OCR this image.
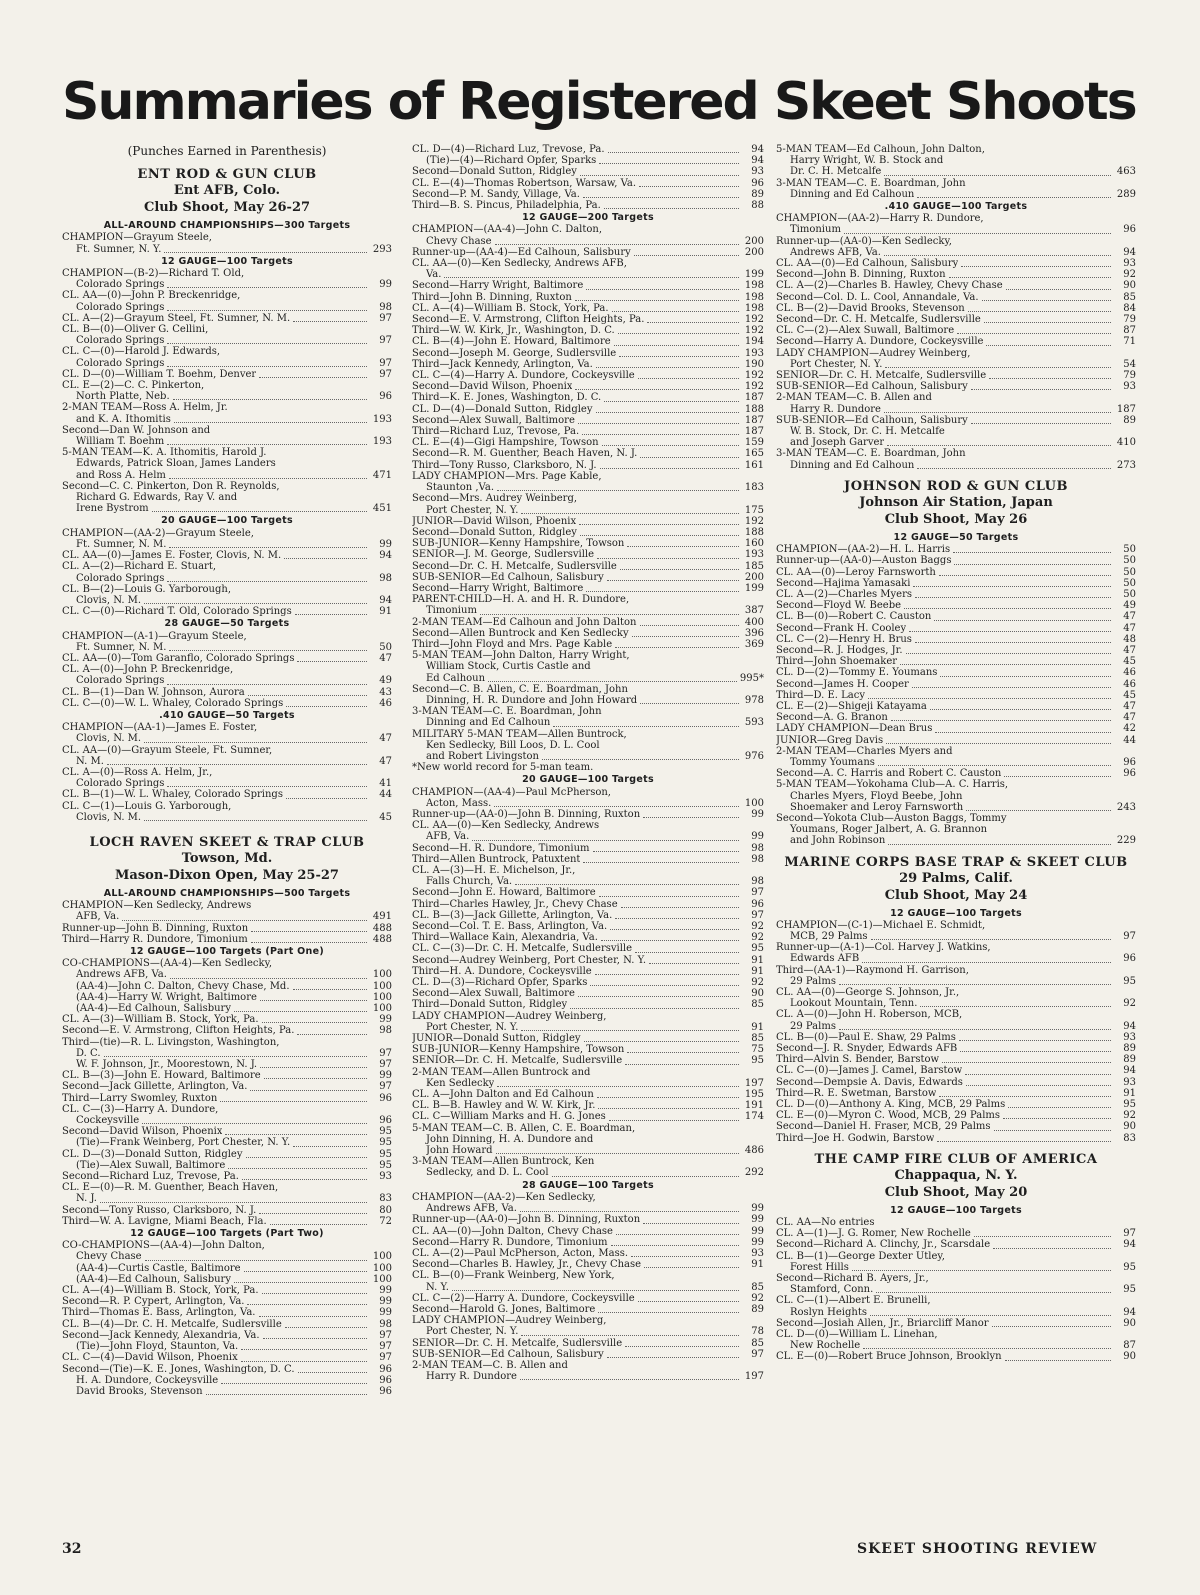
Summaries of Registered Skeet Shoots
(Punches Earned in Parenthesis)
ENT ROD & GUN CLUB
Ent AFB, Colo.
Club Shoot, May 26-27
ALL-AROUND CHAMPIONSHIPS—300 Targets
CHAMPION—Grayum Steele,
Ft. Sumner, N. Y.	293
12 GAUGE—100 Targets
CHAMPION—(B-2)—Richard T. Old,
Colorado Springs	99
CL. AA—(0)—John P. Breckenridge,
Colorado Springs	98
CL. A—(2)—Grayum Steel, Ft. Sumner, N. M.	97
CL. B—(0)—Oliver G. Cellini,
Colorado Springs	97
CL. C—(0)—Harold J. Edwards,
Colorado Springs	97
CL. D—(0)—William T. Boehm, Denver	97
CL. E—(2)—C. C. Pinkerton,
North Platte, Neb.	96
2-MAN TEAM—Ross A. Helm, Jr.
and K. A. Ithomitis	193
Second—Dan W. Johnson and
William T. Boehm	193
5-MAN TEAM—K. A. Ithomitis, Harold J.
Edwards, Patrick Sloan, James Landers
and Ross A. Helm	471
Second—C. C. Pinkerton, Don R. Reynolds,
Richard G. Edwards, Ray V. and
Irene Bystrom	451
20 GAUGE—100 Targets
CHAMPION—(AA-2)—Grayum Steele,
Ft. Sumner, N. M.	99
CL. AA—(0)—James E. Foster, Clovis, N. M.	94
CL. A—(2)—Richard E. Stuart,
Colorado Springs	98
CL. B—(2)—Louis G. Yarborough,
Clovis, N. M.	94
CL. C—(0)—Richard T. Old, Colorado Springs	91
28 GAUGE—50 Targets
CHAMPION—(A-1)—Grayum Steele,
Ft. Sumner, N. M.	50
CL. AA—(0)—Tom Garanflo, Colorado Springs	47
CL. A—(0)—John P. Breckenridge,
Colorado Springs	49
CL. B—(1)—Dan W. Johnson, Aurora	43
CL. C—(0)—W. L. Whaley, Colorado Springs	46
.410 GAUGE—50 Targets
CHAMPION—(AA-1)—James E. Foster,
Clovis, N. M.	47
CL. AA—(0)—Grayum Steele, Ft. Sumner,
N. M.	47
CL. A—(0)—Ross A. Helm, Jr.,
Colorado Springs	41
CL. B—(1)—W. L. Whaley, Colorado Springs	44
CL. C—(1)—Louis G. Yarborough,
Clovis, N. M.	45
LOCH RAVEN SKEET & TRAP CLUB
Towson, Md.
Mason-Dixon Open, May 25-27
ALL-AROUND CHAMPIONSHIPS—500 Targets
CHAMPION—Ken Sedlecky, Andrews
AFB, Va.	491
Runner-up—John B. Dinning, Ruxton	488
Third—Harry R. Dundore, Timonium	488
12 GAUGE—100 Targets (Part One)
CO-CHAMPIONS—(AA-4)—Ken Sedlecky,
Andrews AFB, Va.	100
(AA-4)—John C. Dalton, Chevy Chase, Md.	100
(AA-4)—Harry W. Wright, Baltimore	100
(AA-4)—Ed Calhoun, Salisbury	100
CL. A—(3)—William B. Stock, York, Pa.	99
Second—E. V. Armstrong, Clifton Heights, Pa.	98
Third—(tie)—R. L. Livingston, Washington,
D. C.	97
W. F. Johnson, Jr., Moorestown, N. J.	97
CL. B—(3)—John E. Howard, Baltimore	99
Second—Jack Gillette, Arlington, Va.	97
Third—Larry Swomley, Ruxton	96
CL. C—(3)—Harry A. Dundore,
Cockeysville	96
Second—David Wilson, Phoenix	95
(Tie)—Frank Weinberg, Port Chester, N. Y.	95
CL. D—(3)—Donald Sutton, Ridgley	95
(Tie)—Alex Suwall, Baltimore	95
Second—Richard Luz, Trevose, Pa.	93
CL. E—(0)—R. M. Guenther, Beach Haven,
N. J.	83
Second—Tony Russo, Clarksboro, N. J.	80
Third—W. A. Lavigne, Miami Beach, Fla.	72
12 GAUGE—100 Targets (Part Two)
CO-CHAMPIONS—(AA-4)—John Dalton,
Chevy Chase	100
(AA-4)—Curtis Castle, Baltimore	100
(AA-4)—Ed Calhoun, Salisbury	100
CL. A—(4)—William B. Stock, York, Pa.	99
Second—R. P. Cypert, Arlington, Va.	99
Third—Thomas E. Bass, Arlington, Va.	99
CL. B—(4)—Dr. C. H. Metcalfe, Sudlersville	98
Second—Jack Kennedy, Alexandria, Va.	97
(Tie)—John Floyd, Staunton, Va.	97
CL. C—(4)—David Wilson, Phoenix	97
Second—(Tie)—K. E. Jones, Washington, D. C.	96
H. A. Dundore, Cockeysville	96
David Brooks, Stevenson	96
CL. D—(4)—Richard Luz, Trevose, Pa.	94
(Tie)—(4)—Richard Opfer, Sparks	94
Second—Donald Sutton, Ridgley	93
CL. E—(4)—Thomas Robertson, Warsaw, Va.	96
Second—P. M. Sandy, Village, Va.	89
Third—B. S. Pincus, Philadelphia, Pa.	88
12 GAUGE—200 Targets
CHAMPION—(AA-4)—John C. Dalton,
Chevy Chase	200
Runner-up—(AA-4)—Ed Calhoun, Salisbury	200
CL. AA—(0)—Ken Sedlecky, Andrews AFB,
Va.	199
Second—Harry Wright, Baltimore	198
Third—John B. Dinning, Ruxton	198
CL. A—(4)—William B. Stock, York, Pa.	198
Second—E. V. Armstrong, Clifton Heights, Pa.	192
Third—W. W. Kirk, Jr., Washington, D. C.	192
CL. B—(4)—John E. Howard, Baltimore	194
Second—Joseph M. George, Sudlersville	193
Third—Jack Kennedy, Arlington, Va.	190
CL. C—(4)—Harry A. Dundore, Cockeysville	192
Second—David Wilson, Phoenix	192
Third—K. E. Jones, Washington, D. C.	187
CL. D—(4)—Donald Sutton, Ridgley	188
Second—Alex Suwall, Baltimore	187
Third—Richard Luz, Trevose, Pa.	187
CL. E—(4)—Gigi Hampshire, Towson	159
Second—R. M. Guenther, Beach Haven, N. J.	165
Third—Tony Russo, Clarksboro, N. J.	161
LADY CHAMPION—Mrs. Page Kable,
Staunton ,Va.	183
Second—Mrs. Audrey Weinberg,
Port Chester, N. Y.	175
JUNIOR—David Wilson, Phoenix	192
Second—Donald Sutton, Ridgley	188
SUB-JUNIOR—Kenny Hampshire, Towson	160
SENIOR—J. M. George, Sudlersville	193
Second—Dr. C. H. Metcalfe, Sudlersville	185
SUB-SENIOR—Ed Calhoun, Salisbury	200
Second—Harry Wright, Baltimore	199
PARENT-CHILD—H. A. and H. R. Dundore,
Timonium	387
2-MAN TEAM—Ed Calhoun and John Dalton	400
Second—Allen Buntrock and Ken Sedlecky	396
Third—John Floyd and Mrs. Page Kable	369
5-MAN TEAM—John Dalton, Harry Wright,
William Stock, Curtis Castle and
Ed Calhoun	995*
Second—C. B. Allen, C. E. Boardman, John
Dinning, H. R. Dundore and John Howard	978
3-MAN TEAM—C. E. Boardman, John
Dinning and Ed Calhoun	593
MILITARY 5-MAN TEAM—Allen Buntrock,
Ken Sedlecky, Bill Loos, D. L. Cool
and Robert Livingston	976
*New world record for 5-man team.
20 GAUGE—100 Targets
CHAMPION—(AA-4)—Paul McPherson,
Acton, Mass.	100
Runner-up—(AA-0)—John B. Dinning, Ruxton	99
CL. AA—(0)—Ken Sedlecky, Andrews
AFB, Va.	99
Second—H. R. Dundore, Timonium	98
Third—Allen Buntrock, Patuxtent	98
CL. A—(3)—H. E. Michelson, Jr.,
Falls Church, Va.	98
Second—John E. Howard, Baltimore	97
Third—Charles Hawley, Jr., Chevy Chase	96
CL. B—(3)—Jack Gillette, Arlington, Va.	97
Second—Col. T. E. Bass, Arlington, Va.	92
Third—Wallace Kain, Alexandria, Va.	92
CL. C—(3)—Dr. C. H. Metcalfe, Sudlersville	95
Second—Audrey Weinberg, Port Chester, N. Y.	91
Third—H. A. Dundore, Cockeysville	91
CL. D—(3)—Richard Opfer, Sparks	92
Second—Alex Suwall, Baltimore	90
Third—Donald Sutton, Ridgley	85
LADY CHAMPION—Audrey Weinberg,
Port Chester, N. Y.	91
JUNIOR—Donald Sutton, Ridgley	85
SUB-JUNIOR—Kenny Hampshire, Towson	75
SENIOR—Dr. C. H. Metcalfe, Sudlersville	95
2-MAN TEAM—Allen Buntrock and
Ken Sedlecky	197
CL. A—John Dalton and Ed Calhoun	195
CL. B—B. Hawley and W. W. Kirk, Jr.	191
CL. C—William Marks and H. G. Jones	174
5-MAN TEAM—C. B. Allen, C. E. Boardman,
John Dinning, H. A. Dundore and
John Howard	486
3-MAN TEAM—Allen Buntrock, Ken
Sedlecky, and D. L. Cool	292
28 GAUGE—100 Targets
CHAMPION—(AA-2)—Ken Sedlecky,
Andrews AFB, Va.	99
Runner-up—(AA-0)—John B. Dinning, Ruxton	99
CL. AA—(0)—John Dalton, Chevy Chase	99
Second—Harry R. Dundore, Timonium	99
CL. A—(2)—Paul McPherson, Acton, Mass.	93
Second—Charles B. Hawley, Jr., Chevy Chase	91
CL. B—(0)—Frank Weinberg, New York,
N. Y.	85
CL. C—(2)—Harry A. Dundore, Cockeysville	92
Second—Harold G. Jones, Baltimore	89
LADY CHAMPION—Audrey Weinberg,
Port Chester, N. Y.	78
SENIOR—Dr. C. H. Metcalfe, Sudlersville	85
SUB-SENIOR—Ed Calhoun, Salisbury	97
2-MAN TEAM—C. B. Allen and
Harry R. Dundore	197
5-MAN TEAM—Ed Calhoun, John Dalton,
Harry Wright, W. B. Stock and
Dr. C. H. Metcalfe	463
3-MAN TEAM—C. E. Boardman, John
Dinning and Ed Calhoun	289
.410 GAUGE—100 Targets
CHAMPION—(AA-2)—Harry R. Dundore,
Timonium	96
Runner-up—(AA-0)—Ken Sedlecky,
Andrews AFB, Va.	94
CL. AA—(0)—Ed Calhoun, Salisbury	93
Second—John B. Dinning, Ruxton	92
CL. A—(2)—Charles B. Hawley, Chevy Chase	90
Second—Col. D. L. Cool, Annandale, Va.	85
CL. B—(2)—David Brooks, Stevenson	84
Second—Dr. C. H. Metcalfe, Sudlersville	79
CL. C—(2)—Alex Suwall, Baltimore	87
Second—Harry A. Dundore, Cockeysville	71
LADY CHAMPION—Audrey Weinberg,
Port Chester, N. Y.	54
SENIOR—Dr. C. H. Metcalfe, Sudlersville	79
SUB-SENIOR—Ed Calhoun, Salisbury	93
2-MAN TEAM—C. B. Allen and
Harry R. Dundore	187
SUB-SENIOR—Ed Calhoun, Salisbury	89
W. B. Stock, Dr. C. H. Metcalfe
and Joseph Garver	410
3-MAN TEAM—C. E. Boardman, John
Dinning and Ed Calhoun	273
JOHNSON ROD & GUN CLUB
Johnson Air Station, Japan
Club Shoot, May 26
12 GAUGE—50 Targets
CHAMPION—(AA-2)—H. L. Harris	50
Runner-up—(AA-0)—Auston Baggs	50
CL. AA—(0)—Leroy Farnsworth	50
Second—Hajima Yamasaki	50
CL. A—(2)—Charles Myers	50
Second—Floyd W. Beebe	49
CL. B—(0)—Robert C. Causton	47
Second—Frank H. Cooley	47
CL. C—(2)—Henry H. Brus	48
Second—R. J. Hodges, Jr.	47
Third—John Shoemaker	45
CL. D—(2)—Tommy E. Youmans	46
Second—James H. Cooper	46
Third—D. E. Lacy	45
CL. E—(2)—Shigeji Katayama	47
Second—A. G. Branon	47
LADY CHAMPION—Dean Brus	42
JUNIOR—Greg Davis	44
2-MAN TEAM—Charles Myers and
Tommy Youmans	96
Second—A. C. Harris and Robert C. Causton	96
5-MAN TEAM—Yokohama Club—A. C. Harris,
Charles Myers, Floyd Beebe, John
Shoemaker and Leroy Farnsworth	243
Second—Yokota Club—Auston Baggs, Tommy
Youmans, Roger Jalbert, A. G. Brannon
and John Robinson	229
MARINE CORPS BASE TRAP & SKEET CLUB
29 Palms, Calif.
Club Shoot, May 24
12 GAUGE—100 Targets
CHAMPION—(C-1)—Michael E. Schmidt,
MCB, 29 Palms	97
Runner-up—(A-1)—Col. Harvey J. Watkins,
Edwards AFB	96
Third—(AA-1)—Raymond H. Garrison,
29 Palms	95
CL. AA—(0)—George S. Johnson, Jr.,
Lookout Mountain, Tenn.	92
CL. A—(0)—John H. Roberson, MCB,
29 Palms	94
CL. B—(0)—Paul E. Shaw, 29 Palms	93
Second—J. R. Snyder, Edwards AFB	89
Third—Alvin S. Bender, Barstow	89
CL. C—(0)—James J. Camel, Barstow	94
Second—Dempsie A. Davis, Edwards	93
Third—R. E. Swetman, Barstow	91
CL. D—(0)—Anthony A. King, MCB, 29 Palms	95
CL. E—(0)—Myron C. Wood, MCB, 29 Palms	92
Second—Daniel H. Fraser, MCB, 29 Palms	90
Third—Joe H. Godwin, Barstow	83
THE CAMP FIRE CLUB OF AMERICA
Chappaqua, N. Y.
Club Shoot, May 20
12 GAUGE—100 Targets
CL. AA—No entries
CL. A—(1)—J. G. Romer, New Rochelle	97
Second—Richard A. Clinchy, Jr., Scarsdale	94
CL. B—(1)—George Dexter Utley,
Forest Hills	95
Second—Richard B. Ayers, Jr.,
Stamford, Conn.	95
CL. C—(1)—Albert E. Brunelli,
Roslyn Heights	94
Second—Josiah Allen, Jr., Briarcliff Manor	90
CL. D—(0)—William L. Linehan,
New Rochelle	87
CL. E—(0)—Robert Bruce Johnson, Brooklyn	90
32	SKEET SHOOTING REVIEW
